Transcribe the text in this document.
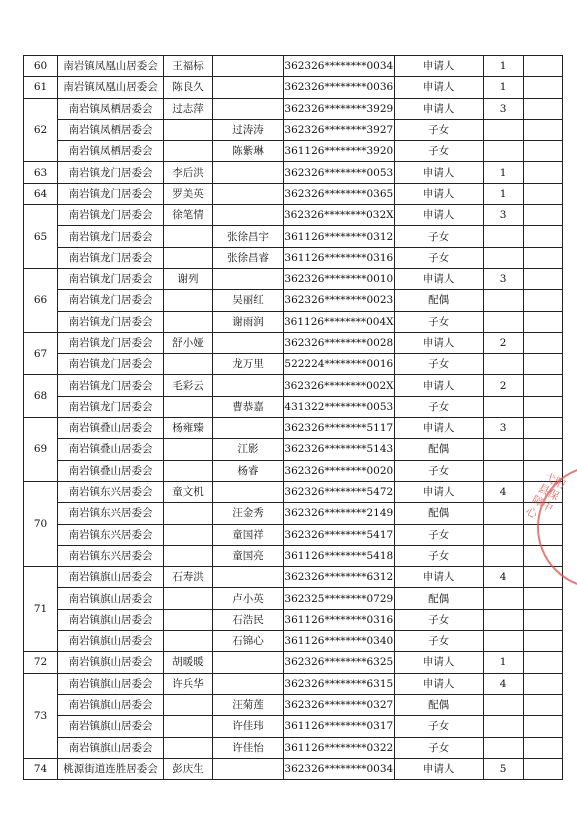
60	南岩镇凤凰山居委会	王福标		362326********0034	申请人	1	
61	南岩镇凤凰山居委会	陈良久		362326********0036	申请人	1	
62	南岩镇凤栖居委会	过志萍		362326********3929	申请人	3	
	南岩镇凤栖居委会		过涛涛	362326********3927	子女		
	南岩镇凤栖居委会		陈紫琳	361126********3920	子女		
63	南岩镇龙门居委会	李后洪		362326********0053	申请人	1	
64	南岩镇龙门居委会	罗美英		362326********0365	申请人	1	
65	南岩镇龙门居委会	徐笔情		362326********032X	申请人	3	
	南岩镇龙门居委会		张徐昌宇	361126********0312	子女		
	南岩镇龙门居委会		张徐昌睿	361126********0316	子女		
66	南岩镇龙门居委会	谢列		362326********0010	申请人	3	
	南岩镇龙门居委会		吴丽红	362326********0023	配偶		
	南岩镇龙门居委会		谢雨润	361126********004X	子女		
67	南岩镇龙门居委会	舒小娅		362326********0028	申请人	2	
	南岩镇龙门居委会		龙万里	522224********0016	子女		
68	南岩镇龙门居委会	毛彩云		362326********002X	申请人	2	
	南岩镇龙门居委会		曹恭嘉	431322********0053	子女		
69	南岩镇叠山居委会	杨雍臻		362326********5117	申请人	3	
	南岩镇叠山居委会		江影	362326********5143	配偶		
	南岩镇叠山居委会		杨睿	362326********0020	子女		
70	南岩镇东兴居委会	童文机		362326********5472	申请人	4	
	南岩镇东兴居委会		汪金秀	362326********2149	配偶		
	南岩镇东兴居委会		童国祥	362326********5417	子女		
	南岩镇东兴居委会		童国亮	361126********5418	子女		
71	南岩镇旗山居委会	石寿洪		362326********6312	申请人	4	
	南岩镇旗山居委会		卢小英	362325********0729	配偶		
	南岩镇旗山居委会		石浩民	361126********0316	子女		
	南岩镇旗山居委会		石锦心	361126********0340	子女		
72	南岩镇旗山居委会	胡暖暖		362326********6325	申请人	1	
73	南岩镇旗山居委会	许兵华		362326********6315	申请人	4	
	南岩镇旗山居委会		汪菊莲	362326********0327	配偶		
	南岩镇旗山居委会		许佳玮	361126********0317	子女		
	南岩镇旗山居委会		许佳怡	361126********0322	子女		
74	桃源街道连胜居委会	彭庆生		362326********0034	申请人	5	
弋阳县保障中心
